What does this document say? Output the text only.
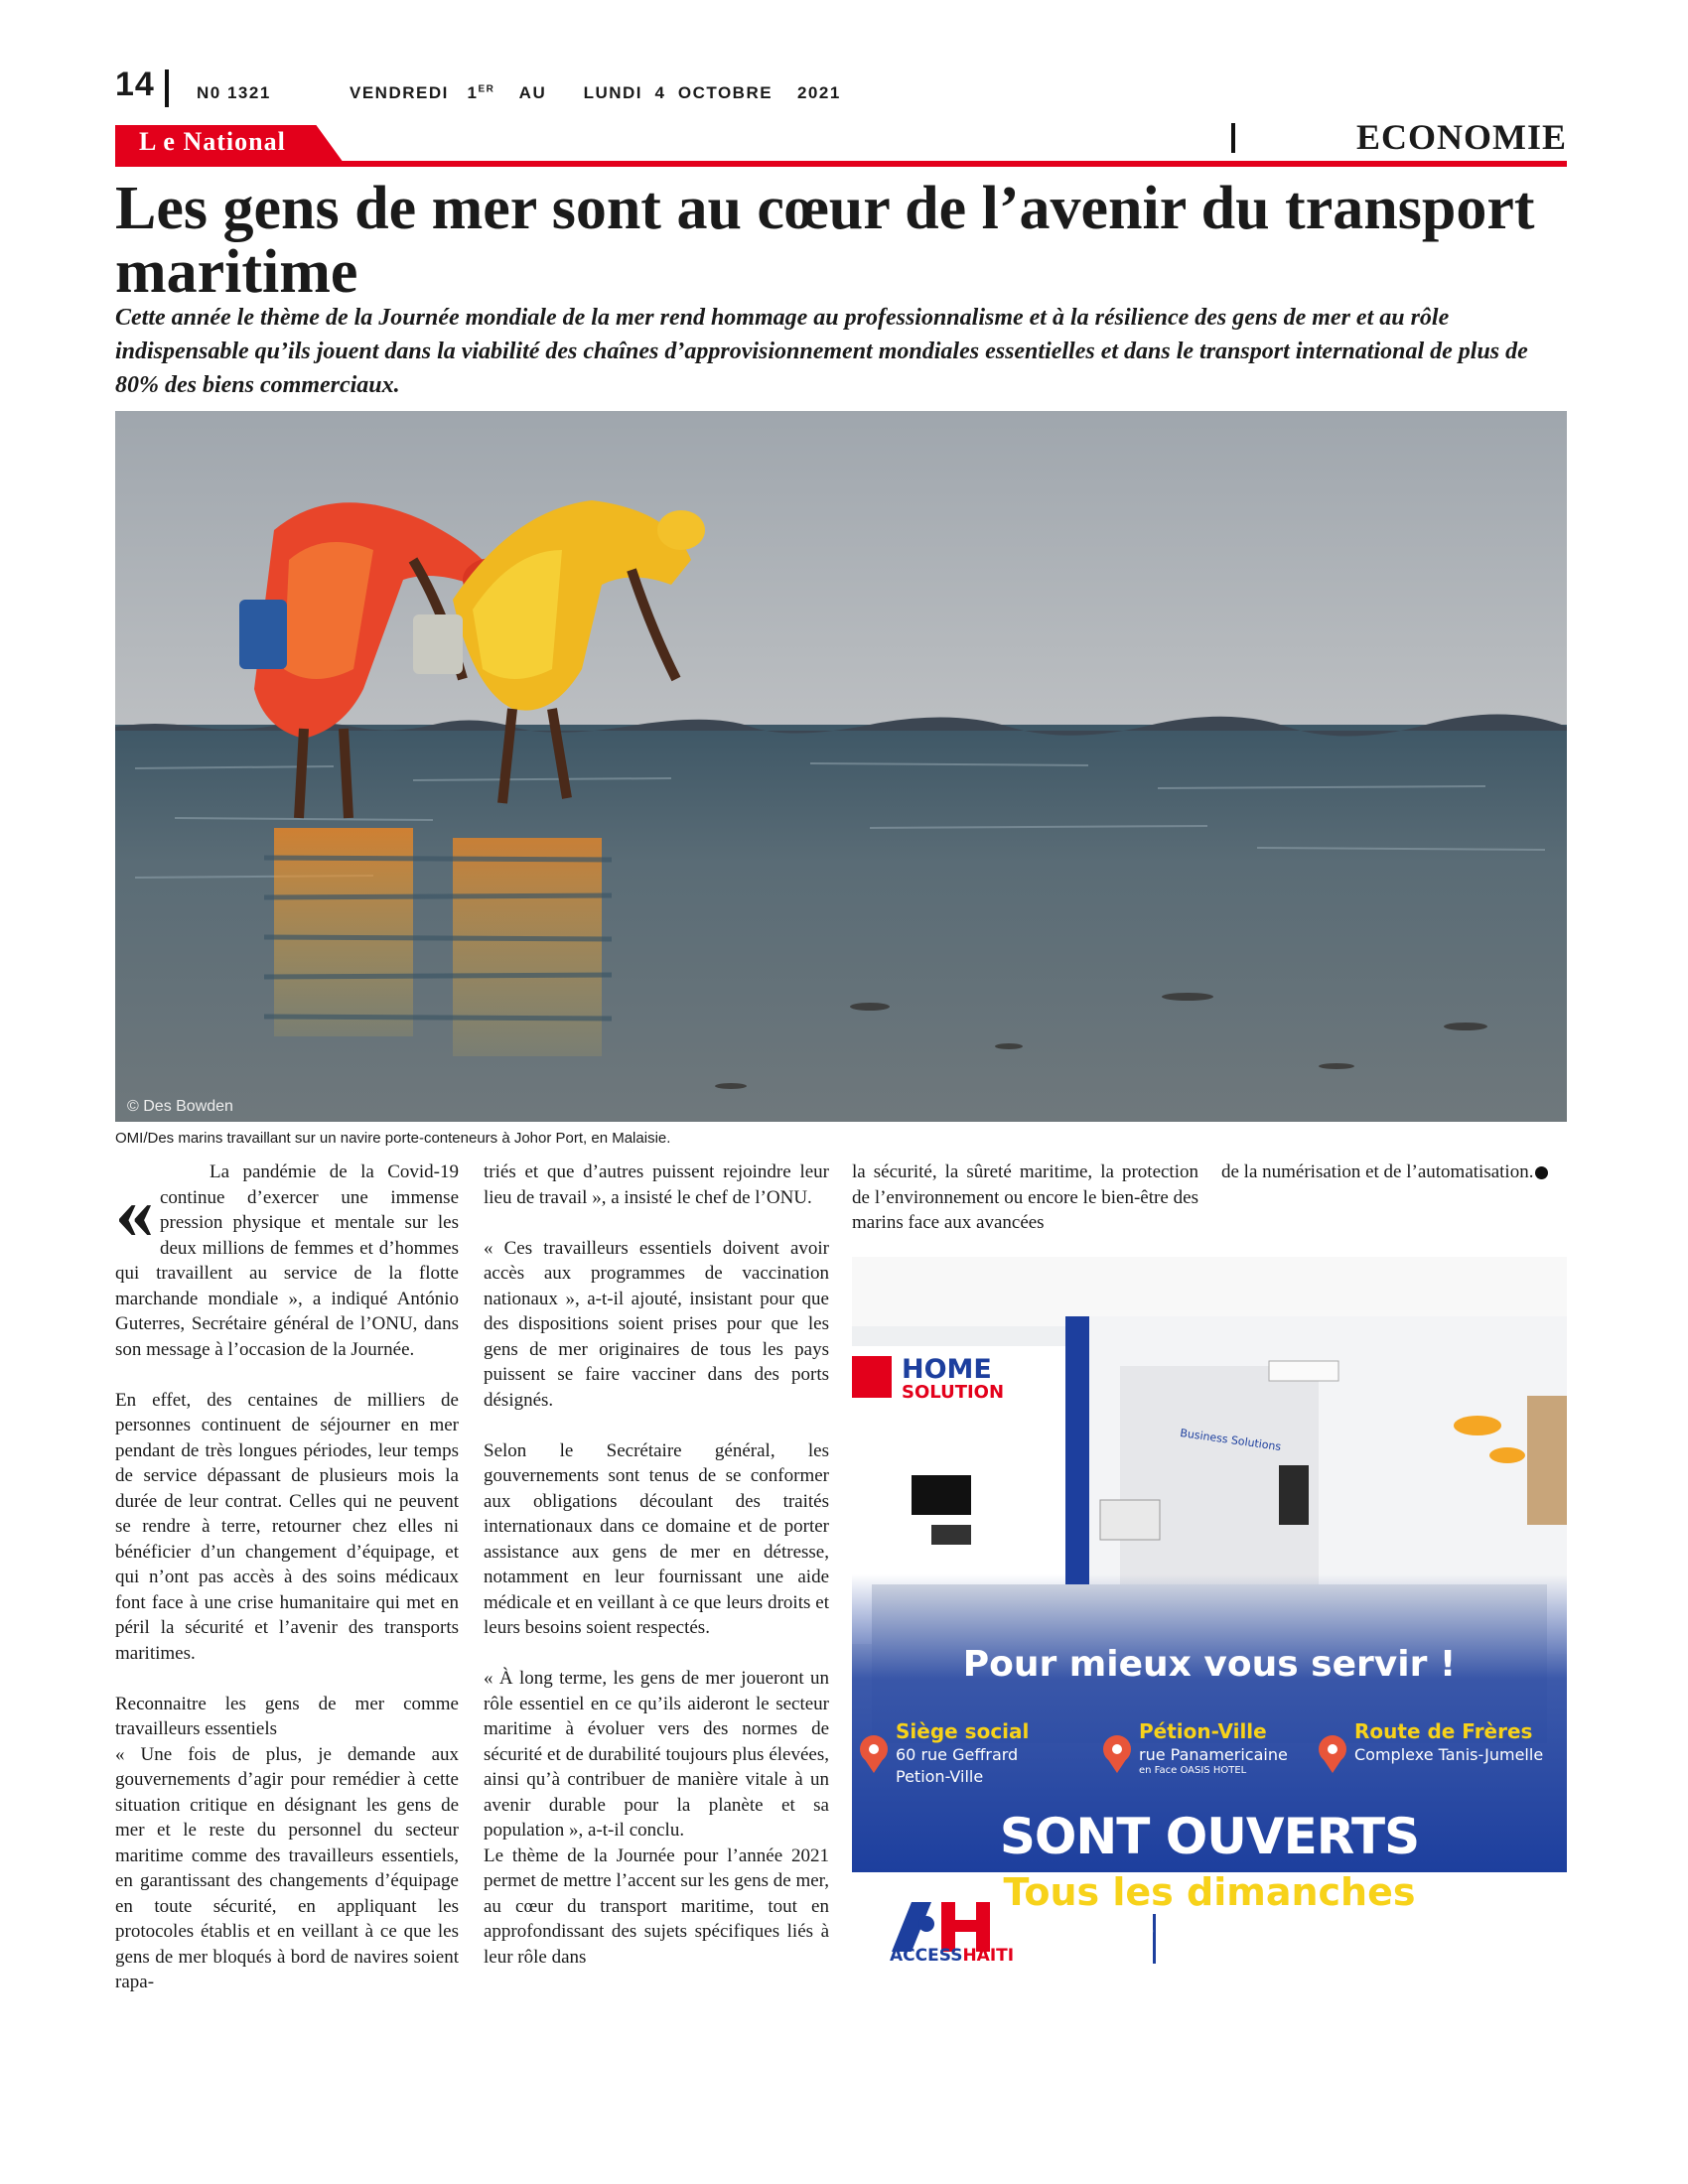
14 N0 1321	VENDREDI 1ER AU LUNDI  4  OCTOBRE    2021
L e National	ECONOMIE
Les gens de mer sont au cœur de l’avenir du transport maritime

Cette année le thème de la Journée mondiale de la mer rend hommage au professionnalisme et à la résilience des gens de mer et au rôle indispensable qu’ils jouent dans la viabilité des chaînes d’approvisionnement mondiales essentielles et dans le transport international de plus de 80% des biens commerciaux.

© Des Bowden
OMI/Des marins travaillant sur un navire porte-conteneurs à Johor Port, en Malaisie.

«	La pandémie de la Covid-19 continue d’exercer une immense pression physique et mentale sur les deux millions de femmes et d’hommes qui travaillent au service de la flotte marchande mondiale », a indiqué António Guterres, Secrétaire général de l’ONU, dans son message à l’occasion de la Journée.

En effet, des centaines de milliers de personnes continuent de séjourner en mer pendant de très longues périodes, leur temps de service dépassant de plusieurs mois la durée de leur contrat. Celles qui ne peuvent se rendre à terre, retourner chez elles ni bénéficier d’un changement d’équipage, et qui n’ont pas accès à des soins médicaux font face à une crise humanitaire qui met en péril la sécurité et l’avenir des transports maritimes.

Reconnaitre les gens de mer comme travailleurs essentiels

« Une fois de plus, je demande aux gouvernements d’agir pour remédier à cette situation critique en désignant les gens de mer et le reste du personnel du secteur maritime comme des travailleurs essentiels, en garantissant des changements d’équipage en toute sécurité, en appliquant les protocoles établis et en veillant à ce que les gens de mer bloqués à bord de navires soient rapa-

triés et que d’autres puissent rejoindre leur lieu de travail », a insisté le chef de l’ONU.

« Ces travailleurs essentiels doivent avoir accès aux programmes de vaccination nationaux », a-t-il ajouté, insistant pour que des dispositions soient prises pour que les gens de mer originaires de tous les pays puissent se faire vacciner dans des ports désignés.

Selon le Secrétaire général, les gouvernements sont tenus de se conformer aux obligations découlant des traités internationaux dans ce domaine et de porter assistance aux gens de mer en détresse, notamment en leur fournissant une aide médicale et en veillant à ce que leurs droits et leurs besoins soient respectés.

« À long terme, les gens de mer joueront un rôle essentiel en ce qu’ils aideront le secteur maritime à évoluer vers des normes de sécurité et de durabilité toujours plus élevées, ainsi qu’à contribuer de manière vitale à un avenir durable pour la planète et sa population », a-t-il conclu.

Le thème de la Journée pour l’année 2021 permet de mettre l’accent sur les gens de mer, au cœur du transport maritime, tout en approfondissant des sujets spécifiques liés à leur rôle dans

la sécurité, la sûreté maritime, la protection de l’environnement ou encore le bien-être des marins face aux avancées

de la numérisation et de l’automatisation.

HOME
SOLUTION
Business Solutions
Pour mieux vous servir !
Siège social
60 rue Geffrard
Petion-Ville
Pétion-Ville
rue Panamericaine
en Face OASIS HOTEL
Route de Frères
Complexe Tanis-Jumelle
SONT OUVERTS
Tous les dimanches
10:00 AM - 3: 00 PM
ACCESSHAITI
